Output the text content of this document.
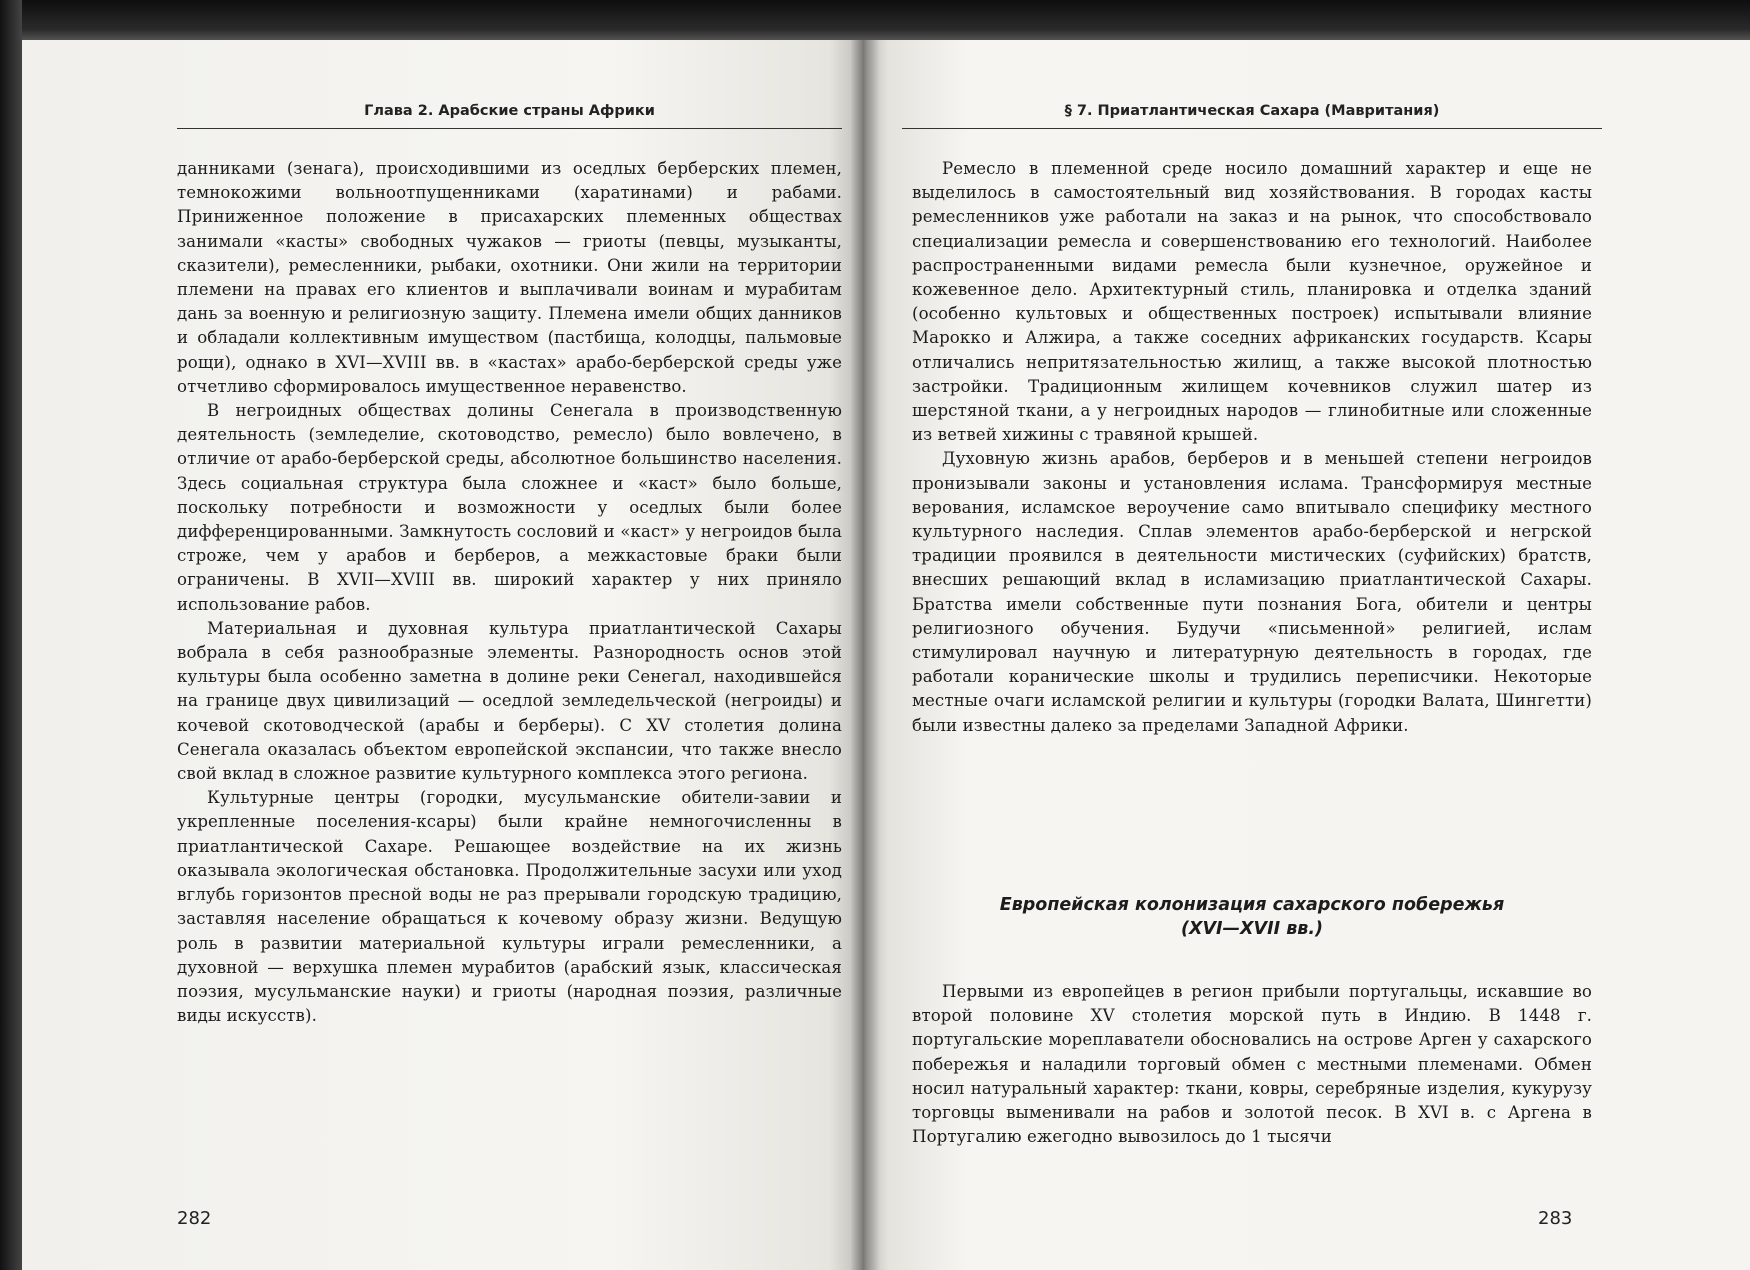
Глава 2. Арабские страны Африки

данниками (зенага), происходившими из оседлых берберских племен, темнокожими вольноотпущенниками (харатинами) и рабами. Приниженное положение в присахарских племенных обществах занимали «касты» свободных чужаков — гриоты (певцы, музыканты, сказители), ремесленники, рыбаки, охотники. Они жили на территории племени на правах его клиентов и выплачивали воинам и мурабитам дань за военную и религиозную защиту. Племена имели общих данников и обладали коллективным имуществом (пастбища, колодцы, пальмовые рощи), однако в XVI—XVIII вв. в «кастах» арабо-берберской среды уже отчетливо сформировалось имущественное неравенство.

В негроидных обществах долины Сенегала в производственную деятельность (земледелие, скотоводство, ремесло) было вовлечено, в отличие от арабо-берберской среды, абсолютное большинство населения. Здесь социальная структура была сложнее и «каст» было больше, поскольку потребности и возможности у оседлых были более дифференцированными. Замкнутость сословий и «каст» у негроидов была строже, чем у арабов и берберов, а межкастовые браки были ограничены. В XVII—XVIII вв. широкий характер у них приняло использование рабов.

Материальная и духовная культура приатлантической Сахары вобрала в себя разнообразные элементы. Разнородность основ этой культуры была особенно заметна в долине реки Сенегал, находившейся на границе двух цивилизаций — оседлой земледельческой (негроиды) и кочевой скотоводческой (арабы и берберы). С XV столетия долина Сенегала оказалась объектом европейской экспансии, что также внесло свой вклад в сложное развитие культурного комплекса этого региона.

Культурные центры (городки, мусульманские обители-завии и укрепленные поселения-ксары) были крайне немногочисленны в приатлантической Сахаре. Решающее воздействие на их жизнь оказывала экологическая обстановка. Продолжительные засухи или уход вглубь горизонтов пресной воды не раз прерывали городскую традицию, заставляя население обращаться к кочевому образу жизни. Ведущую роль в развитии материальной культуры играли ремесленники, а духовной — верхушка племен мурабитов (арабский язык, классическая поэзия, мусульманские науки) и гриоты (народная поэзия, различные виды искусств).

282
§ 7. Приатлантическая Сахара (Мавритания)

Ремесло в племенной среде носило домашний характер и еще не выделилось в самостоятельный вид хозяйствования. В городах касты ремесленников уже работали на заказ и на рынок, что способствовало специализации ремесла и совершенствованию его технологий. Наиболее распространенными видами ремесла были кузнечное, оружейное и кожевенное дело. Архитектурный стиль, планировка и отделка зданий (особенно культовых и общественных построек) испытывали влияние Марокко и Алжира, а также соседних африканских государств. Ксары отличались непритязательностью жилищ, а также высокой плотностью застройки. Традиционным жилищем кочевников служил шатер из шерстяной ткани, а у негроидных народов — глинобитные или сложенные из ветвей хижины с травяной крышей.

Духовную жизнь арабов, берберов и в меньшей степени негроидов пронизывали законы и установления ислама. Трансформируя местные верования, исламское вероучение само впитывало специфику местного культурного наследия. Сплав элементов арабо-берберской и негрской традиции проявился в деятельности мистических (суфийских) братств, внесших решающий вклад в исламизацию приатлантической Сахары. Братства имели собственные пути познания Бога, обители и центры религиозного обучения. Будучи «письменной» религией, ислам стимулировал научную и литературную деятельность в городах, где работали коранические школы и трудились переписчики. Некоторые местные очаги исламской религии и культуры (городки Валата, Шингетти) были известны далеко за пределами Западной Африки.

Европейская колонизация сахарского побережья
(XVI—XVII вв.)

Первыми из европейцев в регион прибыли португальцы, искавшие во второй половине XV столетия морской путь в Индию. В 1448 г. португальские мореплаватели обосновались на острове Арген у сахарского побережья и наладили торговый обмен с местными племенами. Обмен носил натуральный характер: ткани, ковры, серебряные изделия, кукурузу торговцы выменивали на рабов и золотой песок. В XVI в. с Аргена в Португалию ежегодно вывозилось до 1 тысячи

283
